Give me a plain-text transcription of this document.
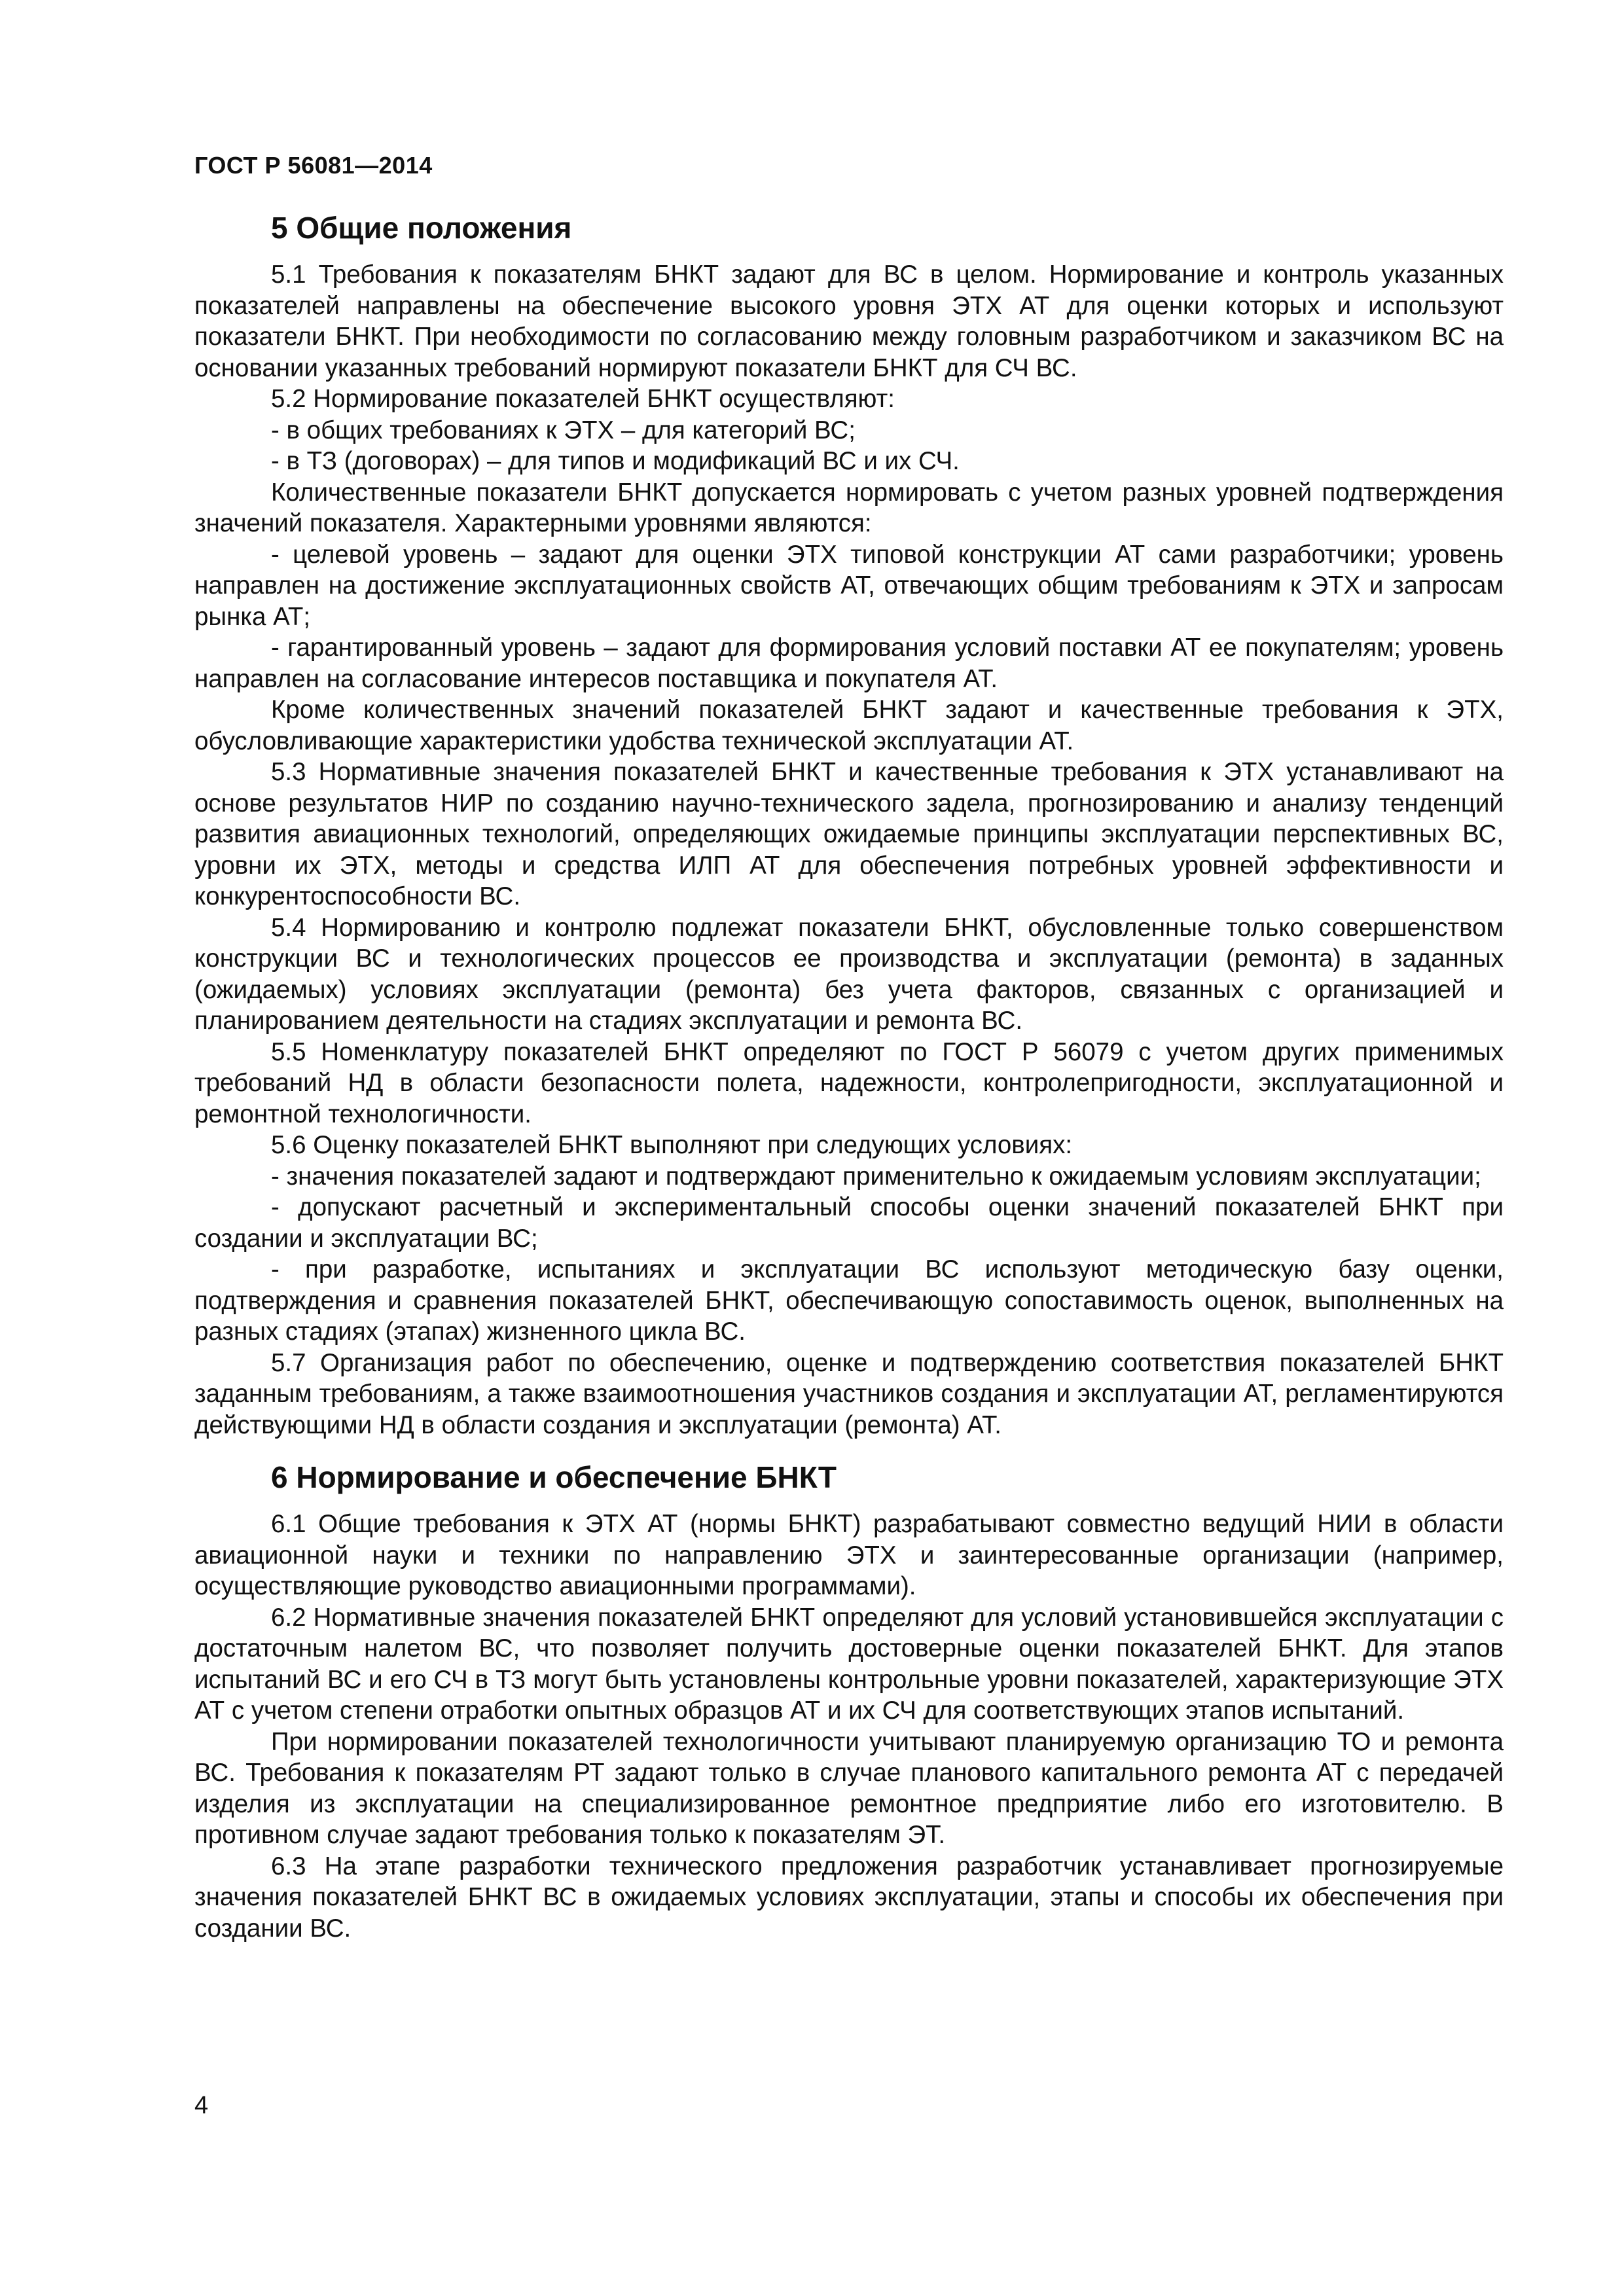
ГОСТ Р 56081—2014
5 Общие положения

5.1 Требования к показателям БНКТ задают для ВС в целом. Нормирование и контроль указанных показателей направлены на обеспечение высокого уровня ЭТХ АТ для оценки которых и используют показатели БНКТ. При необходимости по согласованию между головным разработчиком и заказчиком ВС на основании указанных требований нормируют показатели БНКТ для СЧ ВС.

5.2 Нормирование показателей БНКТ осуществляют:

- в общих требованиях к ЭТХ – для категорий ВС;

- в ТЗ (договорах) – для типов и модификаций ВС и их СЧ.

Количественные показатели БНКТ допускается нормировать с учетом разных уровней подтверждения значений показателя. Характерными уровнями являются:

- целевой уровень – задают для оценки ЭТХ типовой конструкции АТ сами разработчики; уровень направлен на достижение эксплуатационных свойств АТ, отвечающих общим требованиям к ЭТХ и запросам рынка АТ;

- гарантированный уровень – задают для формирования условий поставки АТ ее покупателям; уровень направлен на согласование интересов поставщика и покупателя АТ.

Кроме количественных значений показателей БНКТ задают и качественные требования к ЭТХ, обусловливающие характеристики удобства технической эксплуатации АТ.

5.3 Нормативные значения показателей БНКТ и качественные требования к ЭТХ устанавливают на основе результатов НИР по созданию научно-технического задела, прогнозированию и анализу тенденций развития авиационных технологий, определяющих ожидаемые принципы эксплуатации перспективных ВС, уровни их ЭТХ, методы и средства ИЛП АТ для обеспечения потребных уровней эффективности и конкурентоспособности ВС.

5.4 Нормированию и контролю подлежат показатели БНКТ, обусловленные только совершенством конструкции ВС и технологических процессов ее производства и эксплуатации (ремонта) в заданных (ожидаемых) условиях эксплуатации (ремонта) без учета факторов, связанных с организацией и планированием деятельности на стадиях эксплуатации и ремонта ВС.

5.5 Номенклатуру показателей БНКТ определяют по ГОСТ Р 56079 с учетом других применимых требований НД в области безопасности полета, надежности, контролепригодности, эксплуатационной и ремонтной технологичности.

5.6 Оценку показателей БНКТ выполняют при следующих условиях:

- значения показателей задают и подтверждают применительно к ожидаемым условиям эксплуатации;

- допускают расчетный и экспериментальный способы оценки значений показателей БНКТ при создании и эксплуатации ВС;

- при разработке, испытаниях и эксплуатации ВС используют методическую базу оценки, подтверждения и сравнения показателей БНКТ, обеспечивающую сопоставимость оценок, выполненных на разных стадиях (этапах) жизненного цикла ВС.

5.7 Организация работ по обеспечению, оценке и подтверждению соответствия показателей БНКТ заданным требованиям, а также взаимоотношения участников создания и эксплуатации АТ, регламентируются действующими НД в области создания и эксплуатации (ремонта) АТ.

6 Нормирование и обеспечение БНКТ

6.1 Общие требования к ЭТХ АТ (нормы БНКТ) разрабатывают совместно ведущий НИИ в области авиационной науки и техники по направлению ЭТХ и заинтересованные организации (например, осуществляющие руководство авиационными программами).

6.2 Нормативные значения показателей БНКТ определяют для условий установившейся эксплуатации с достаточным налетом ВС, что позволяет получить достоверные оценки показателей БНКТ. Для этапов испытаний ВС и его СЧ в ТЗ могут быть установлены контрольные уровни показателей, характеризующие ЭТХ АТ с учетом степени отработки опытных образцов АТ и их СЧ для соответствующих этапов испытаний.

При нормировании показателей технологичности учитывают планируемую организацию ТО и ремонта ВС. Требования к показателям РТ задают только в случае планового капитального ремонта АТ с передачей изделия из эксплуатации на специализированное ремонтное предприятие либо его изготовителю. В противном случае задают требования только к показателям ЭТ.

6.3 На этапе разработки технического предложения разработчик устанавливает прогнозируемые значения показателей БНКТ ВС в ожидаемых условиях эксплуатации, этапы и способы их обеспечения при создании ВС.

4
